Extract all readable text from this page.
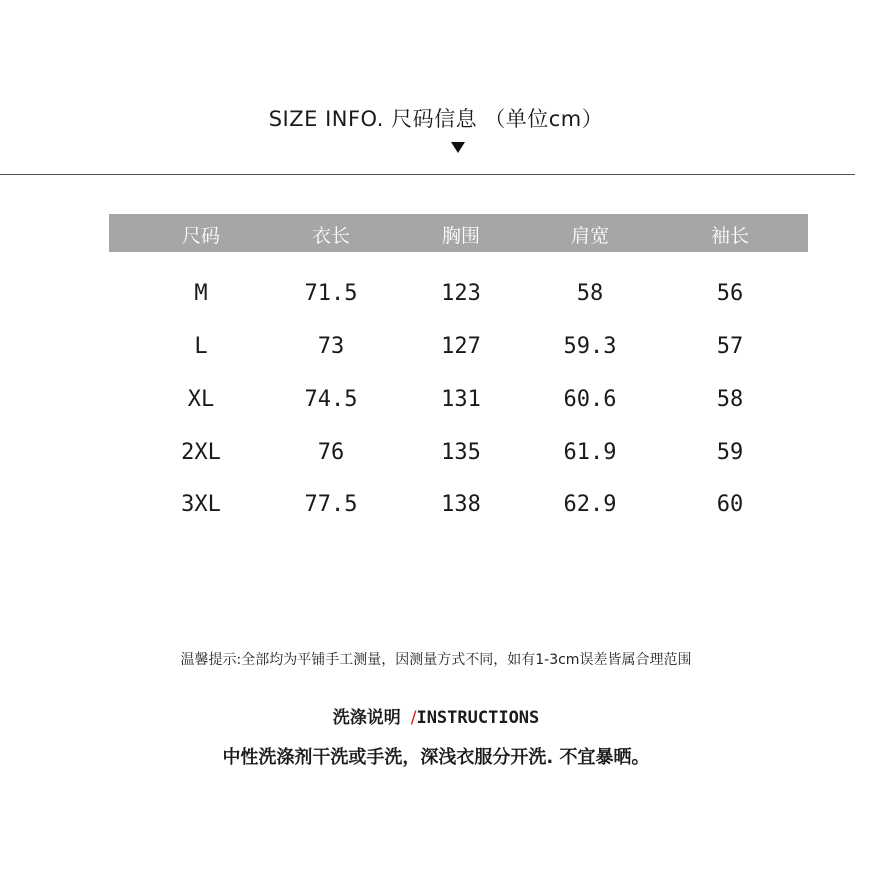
SIZE INFO. 尺码信息 （单位cm）
尺码	衣长	胸围	肩宽	袖长
M	71.5	123	58	56
L	73	127	59.3	57
XL	74.5	131	60.6	58
2XL	76	135	61.9	59
3XL	77.5	138	62.9	60
温馨提示:全部均为平铺手工测量，因测量方式不同，如有1-3cm误差皆属合理范围
洗涤说明 /INSTRUCTIONS
中性洗涤剂干洗或手洗，深浅衣服分开洗. 不宜暴晒。
